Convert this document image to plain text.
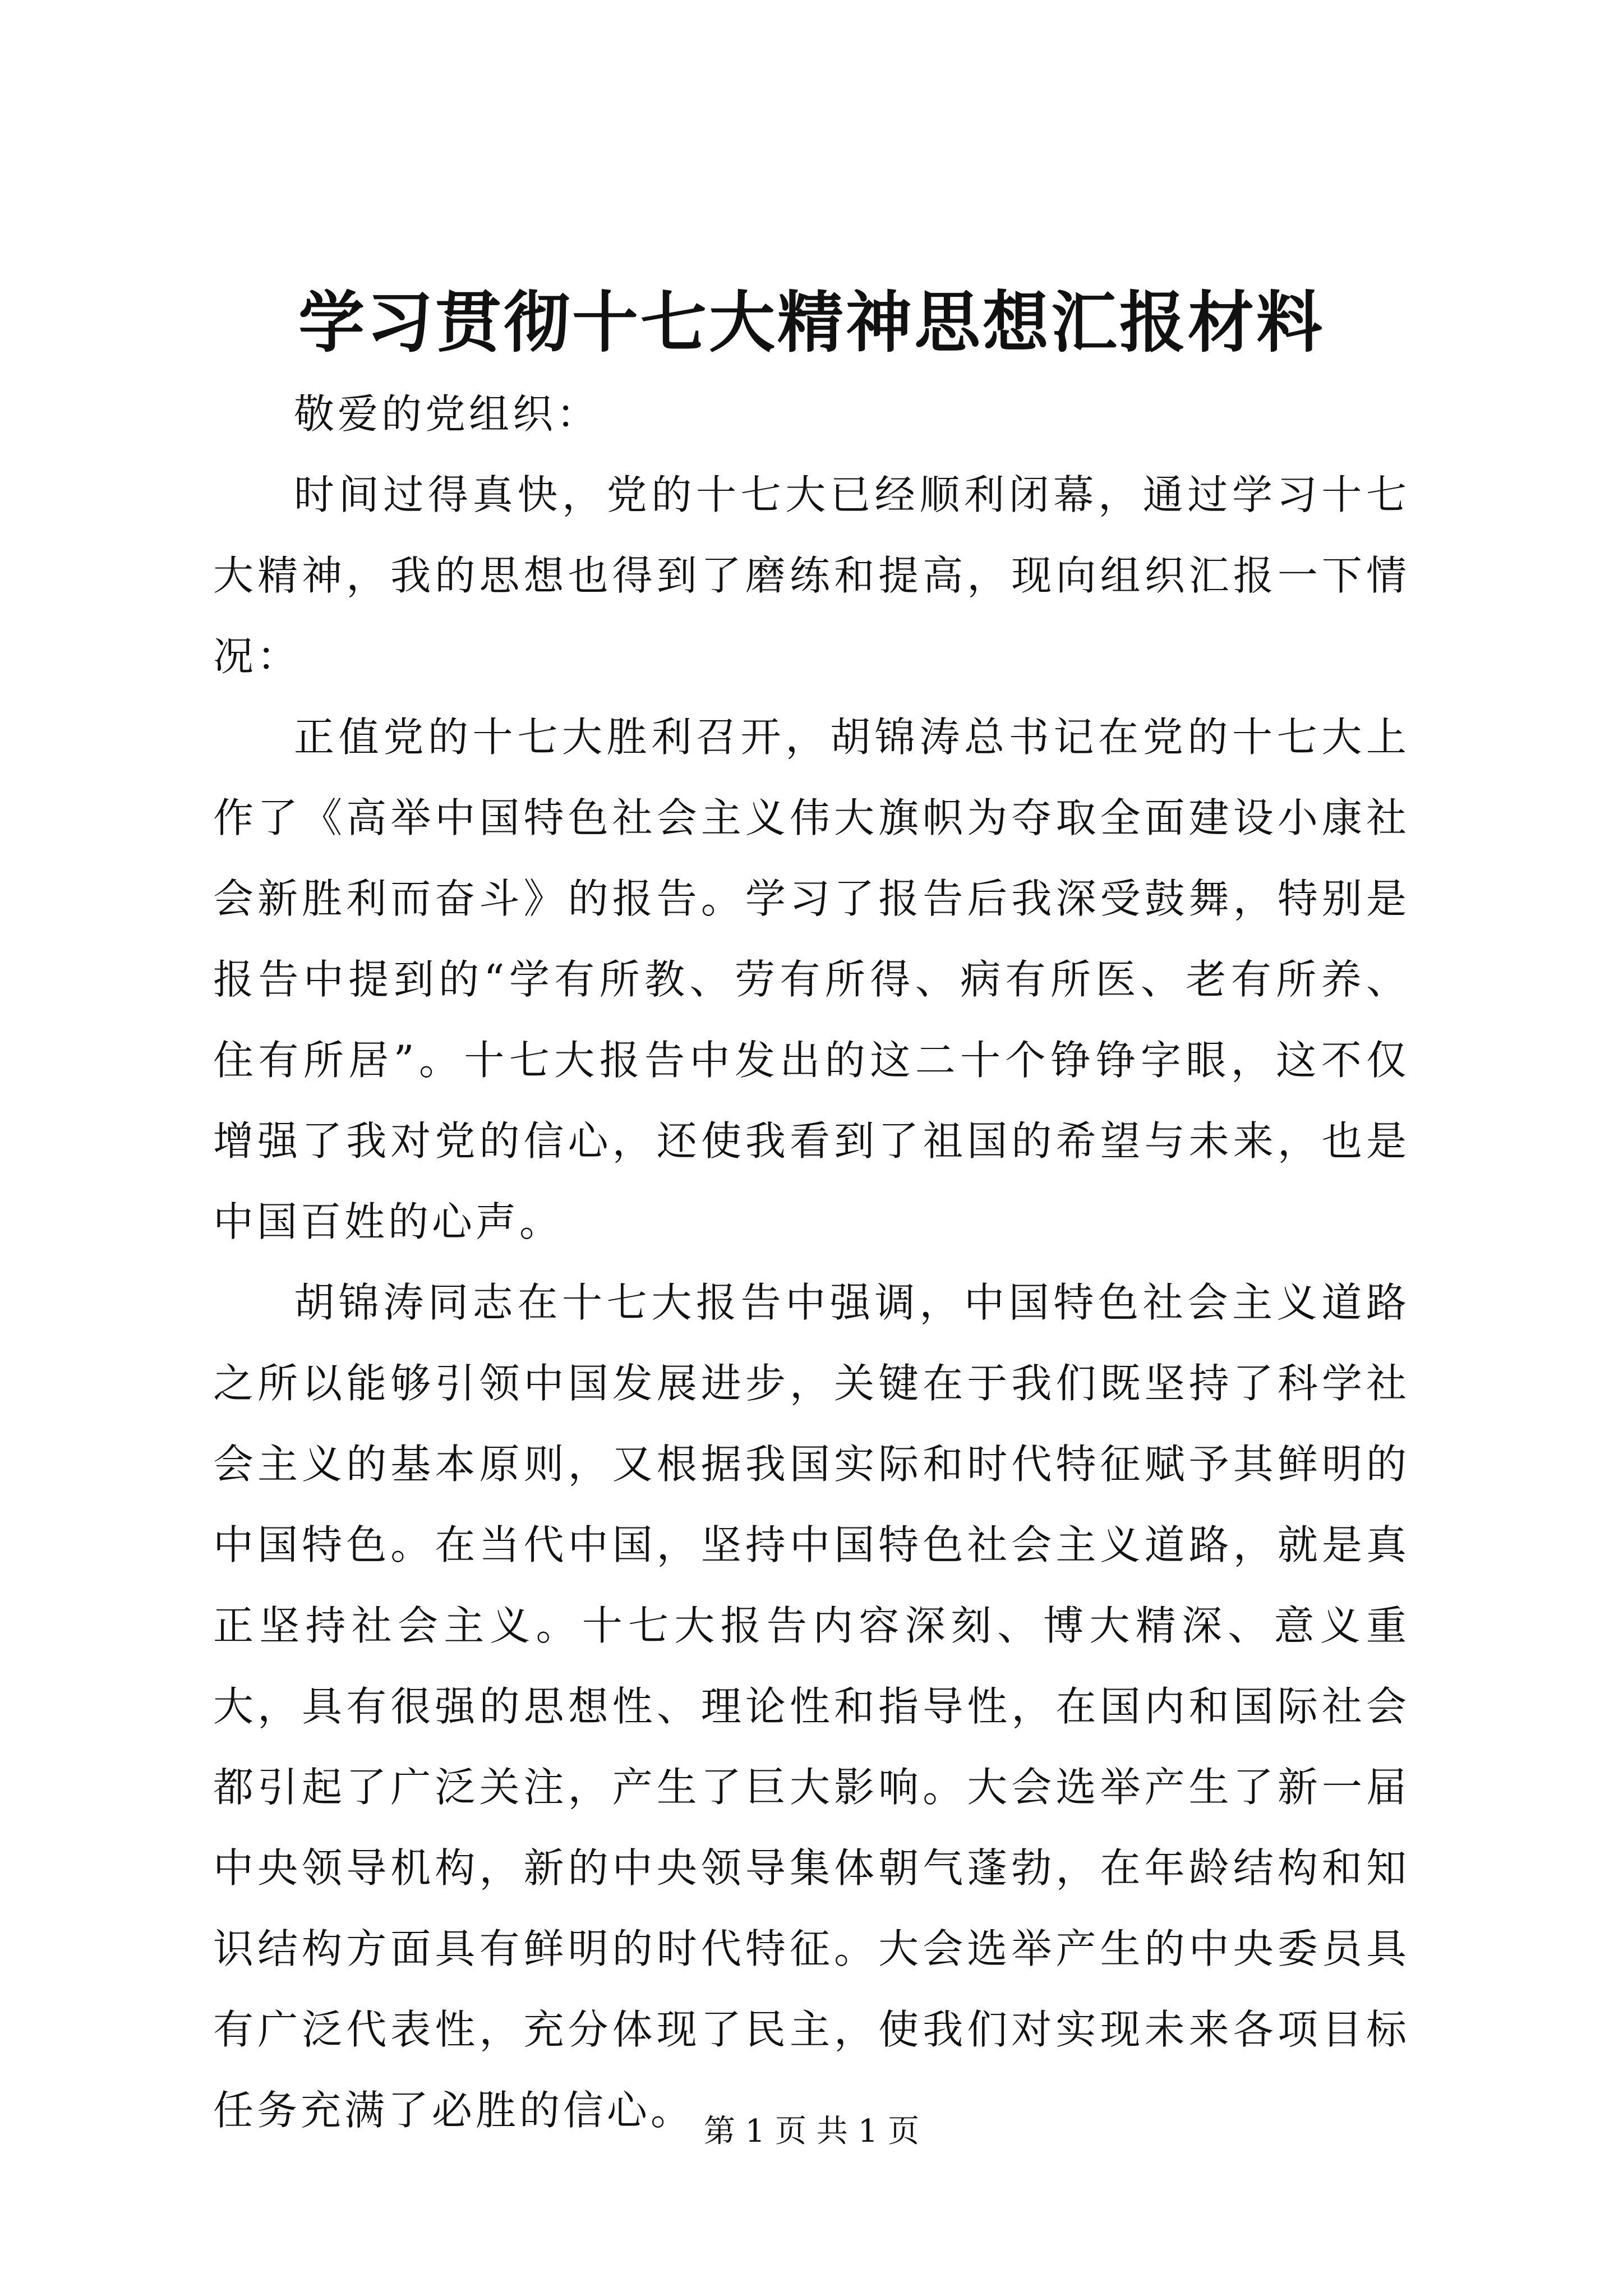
学习贯彻十七大精神思想汇报材料

敬爱的党组织：

时间过得真快，党的十七大已经顺利闭幕，通过学习十七大精神，我的思想也得到了磨练和提高，现向组织汇报一下情况：

正值党的十七大胜利召开，胡锦涛总书记在党的十七大上作了《高举中国特色社会主义伟大旗帜为夺取全面建设小康社会新胜利而奋斗》的报告。学习了报告后我深受鼓舞，特别是报告中提到的“学有所教、劳有所得、病有所医、老有所养、住有所居”。十七大报告中发出的这二十个铮铮字眼，这不仅增强了我对党的信心，还使我看到了祖国的希望与未来，也是中国百姓的心声。

胡锦涛同志在十七大报告中强调，中国特色社会主义道路之所以能够引领中国发展进步，关键在于我们既坚持了科学社会主义的基本原则，又根据我国实际和时代特征赋予其鲜明的中国特色。在当代中国，坚持中国特色社会主义道路，就是真正坚持社会主义。十七大报告内容深刻、博大精深、意义重大，具有很强的思想性、理论性和指导性，在国内和国际社会都引起了广泛关注，产生了巨大影响。大会选举产生了新一届中央领导机构，新的中央领导集体朝气蓬勃，在年龄结构和知识结构方面具有鲜明的时代特征。大会选举产生的中央委员具有广泛代表性，充分体现了民主，使我们对实现未来各项目标任务充满了必胜的信心。 第 1 页 共 1 页
